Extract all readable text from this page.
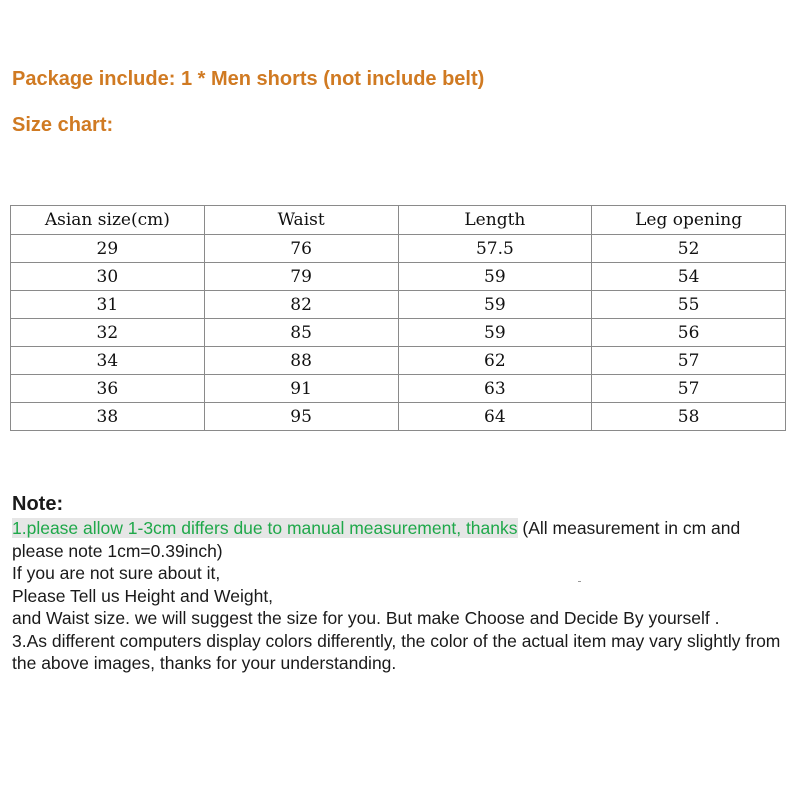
Package include: 1 * Men shorts (not include belt)
Size chart:
Asian size(cm)	Waist	Length	Leg opening
29	76	57.5	52
30	79	59	54
31	82	59	55
32	85	59	56
34	88	62	57
36	91	63	57
38	95	64	58
Note:
1.please allow 1-3cm differs due to manual measurement, thanks (All measurement in cm and please note 1cm=0.39inch)
If you are not sure about it,
Please Tell us Height and Weight,
and Waist size. we will suggest the size for you. But make Choose and Decide By yourself .
3.As different computers display colors differently, the color of the actual item may vary slightly from the above images, thanks for your understanding.
